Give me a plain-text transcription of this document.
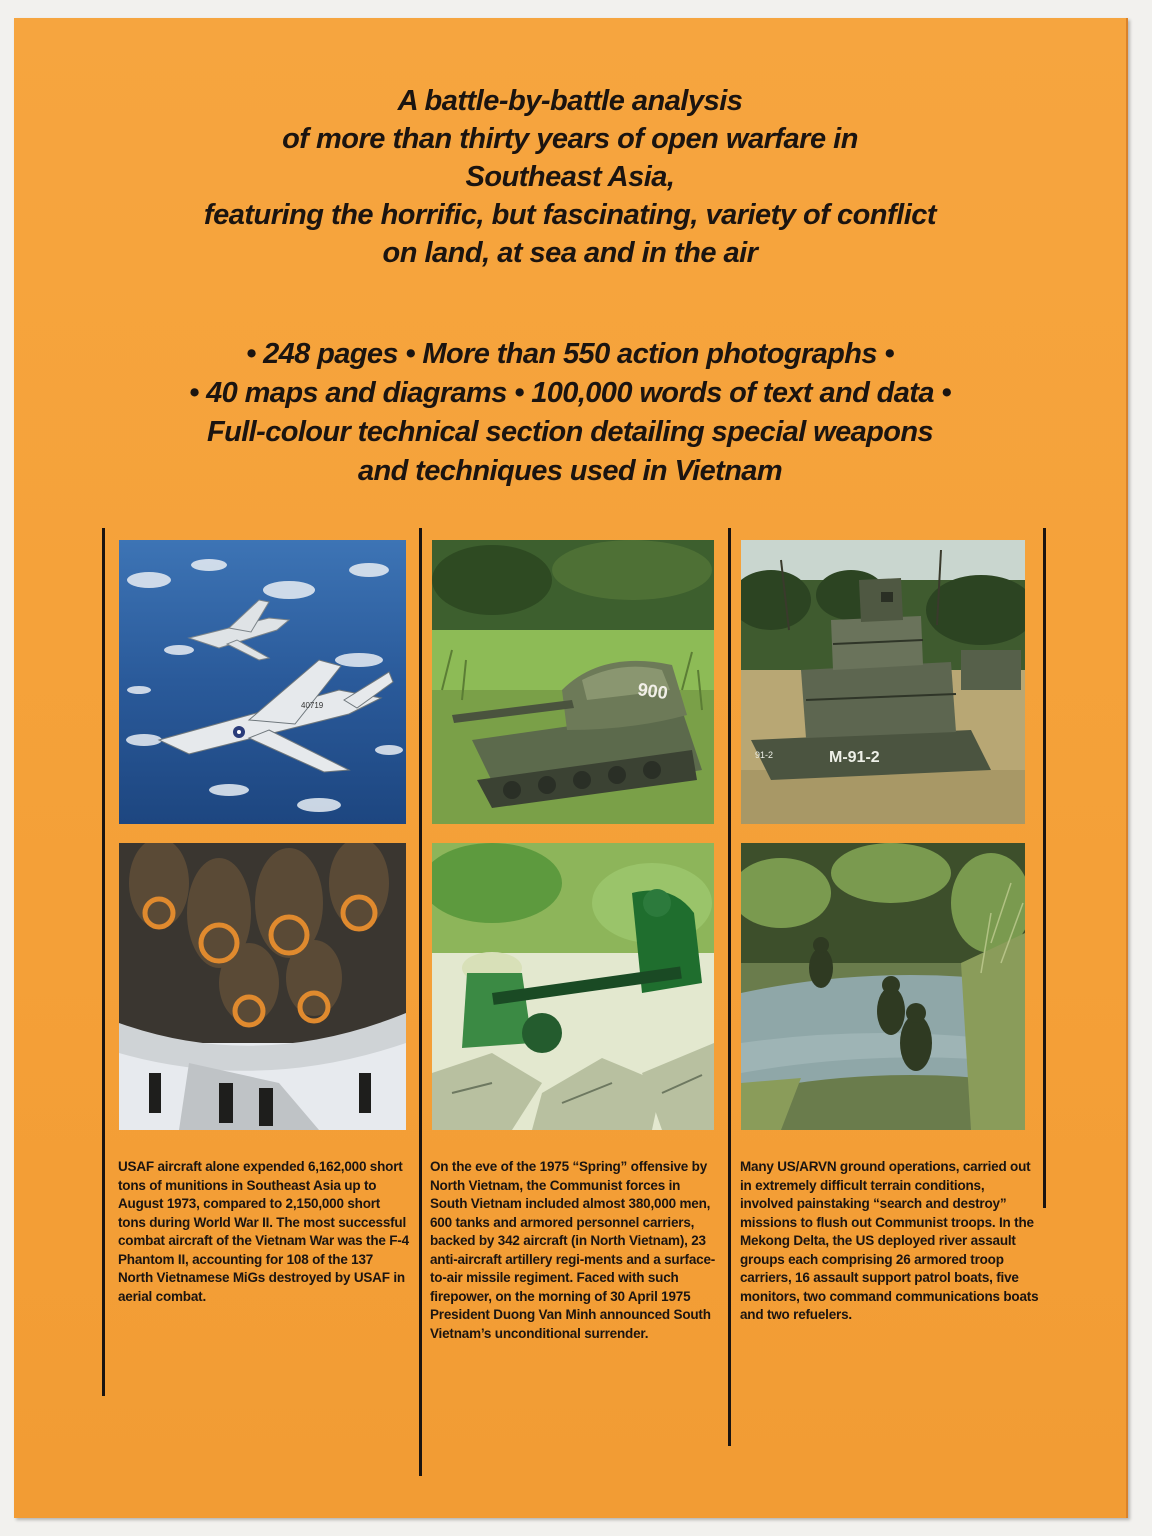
A battle-by-battle analysis
of more than thirty years of open warfare in
Southeast Asia,
featuring the horrific, but fascinating, variety of conflict
on land, at sea and in the air
• 248 pages • More than 550 action photographs •
• 40 maps and diagrams • 100,000 words of text and data •
Full-colour technical section detailing special weapons
and techniques used in Vietnam
40719
900
M-91-2
91-2
USAF aircraft alone expended 6,162,000 short tons of munitions in Southeast Asia up to August 1973, compared to 2,150,000 short tons during World War II. The most successful combat aircraft of the Vietnam War was the F-4 Phantom II, accounting for 108 of the 137 North Vietnamese MiGs destroyed by USAF in aerial combat.
On the eve of the 1975 “Spring” offensive by North Vietnam, the Communist forces in South Vietnam included almost 380,000 men, 600 tanks and armored personnel carriers, backed by 342 aircraft (in North Vietnam), 23 anti-aircraft artillery regi-ments and a surface-to-air missile regiment. Faced with such firepower, on the morning of 30 April 1975 President Duong Van Minh announced South Vietnam’s unconditional surrender.
Many US/ARVN ground operations, carried out in extremely difficult terrain conditions, involved painstaking “search and destroy” missions to flush out Communist troops. In the Mekong Delta, the US deployed river assault groups each comprising 26 armored troop carriers, 16 assault support patrol boats, five monitors, two command communications boats and two refuelers.
